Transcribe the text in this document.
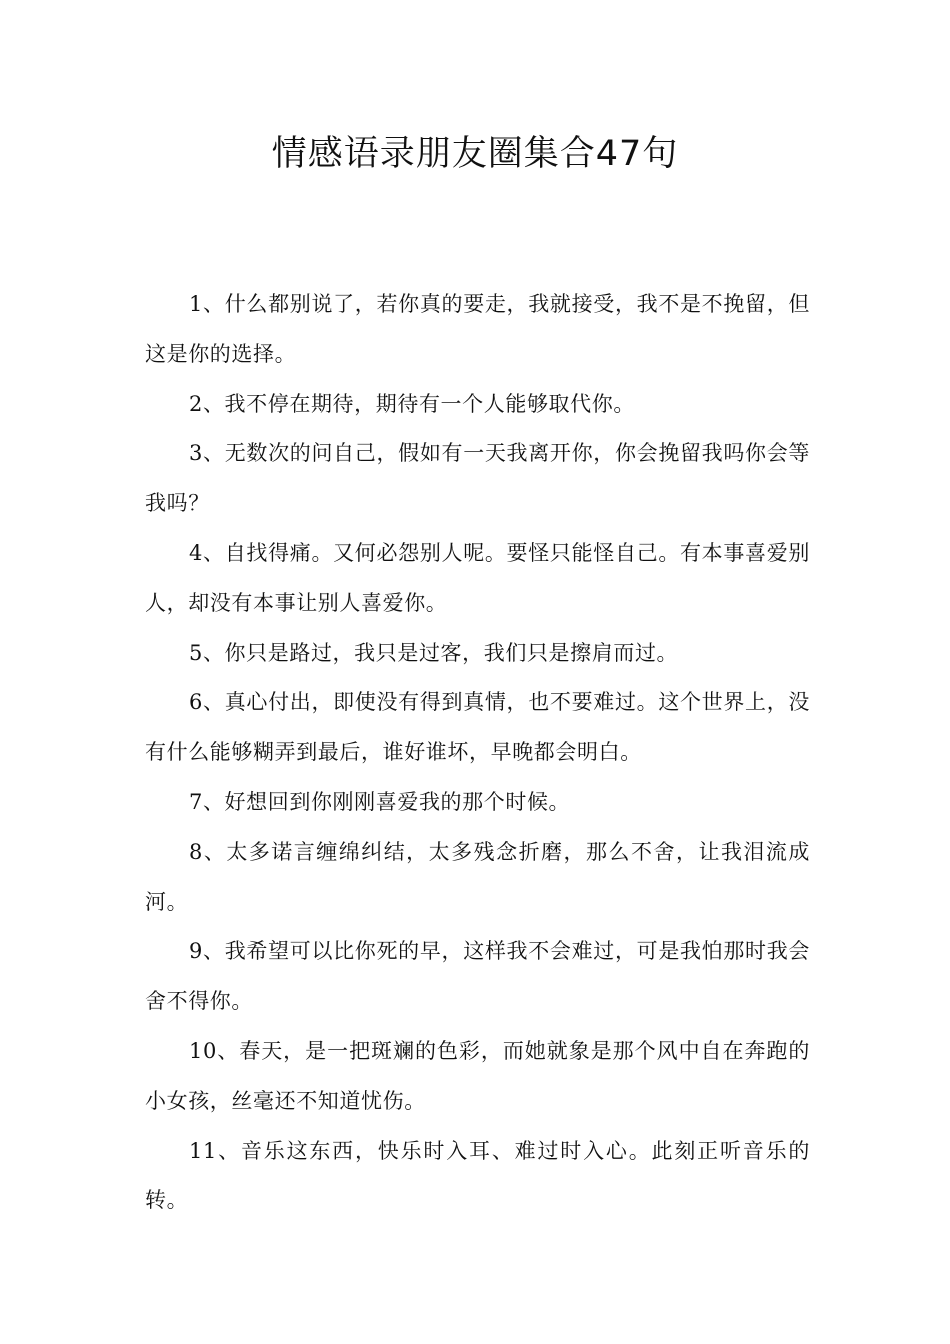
情感语录朋友圈集合47句

1、什么都别说了，若你真的要走，我就接受，我不是不挽留，但这是你的选择。

2、我不停在期待，期待有一个人能够取代你。

3、无数次的问自己，假如有一天我离开你，你会挽留我吗你会等我吗？

4、自找得痛。又何必怨别人呢。要怪只能怪自己。有本事喜爱别人，却没有本事让别人喜爱你。

5、你只是路过，我只是过客，我们只是擦肩而过。

6、真心付出，即使没有得到真情，也不要难过。这个世界上，没有什么能够糊弄到最后，谁好谁坏，早晚都会明白。

7、好想回到你刚刚喜爱我的那个时候。

8、太多诺言缠绵纠结，太多残念折磨，那么不舍，让我泪流成河。

9、我希望可以比你死的早，这样我不会难过，可是我怕那时我会舍不得你。

10、春天，是一把斑斓的色彩，而她就象是那个风中自在奔跑的小女孩，丝毫还不知道忧伤。

11、音乐这东西，快乐时入耳、难过时入心。此刻正听音乐的转。
